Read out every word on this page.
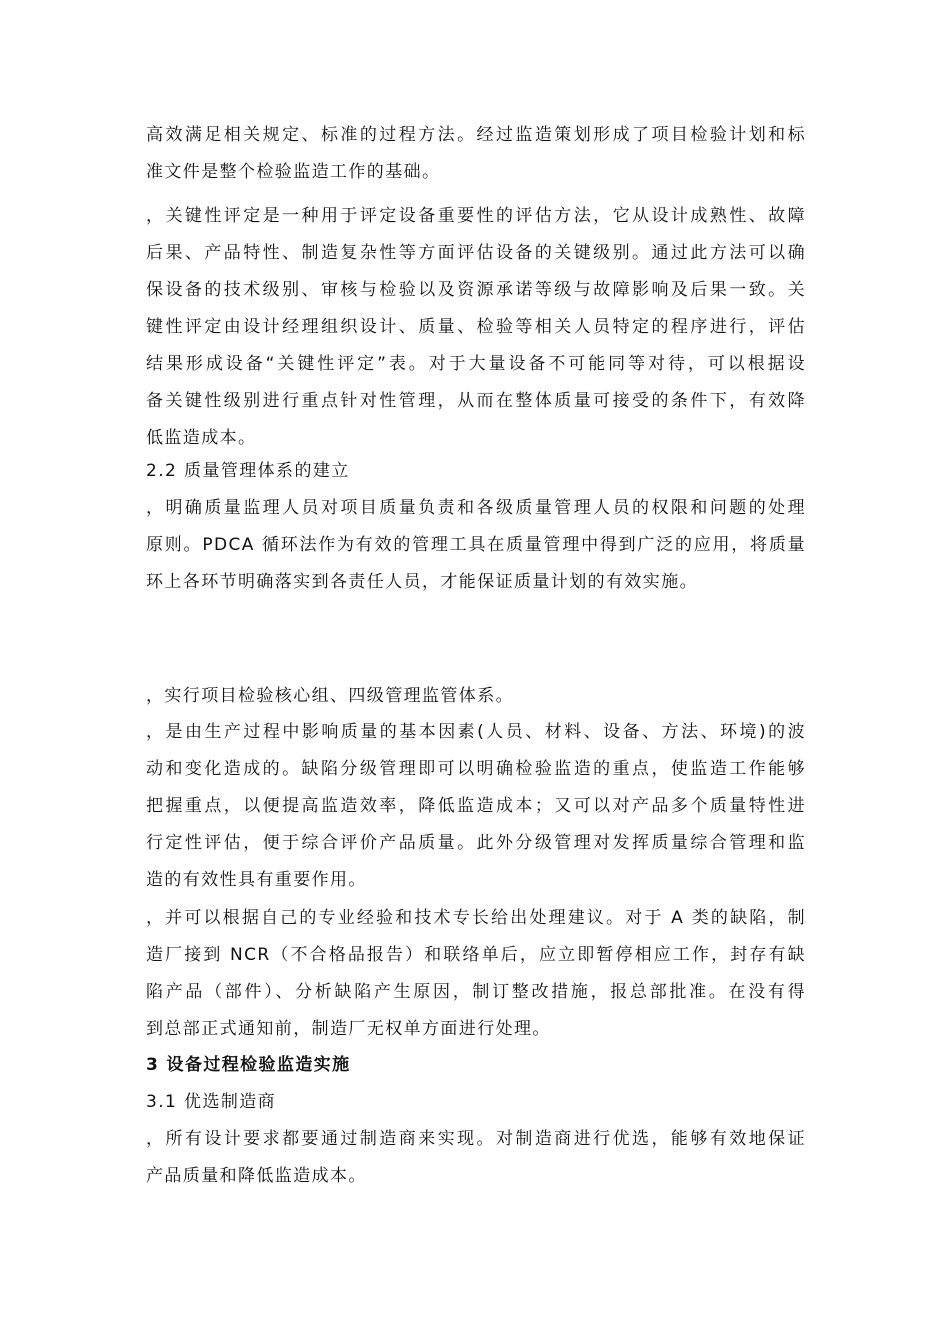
高效满足相关规定、标准的过程方法。经过监造策划形成了项目检验计划和标
准文件是整个检验监造工作的基础。
，关键性评定是一种用于评定设备重要性的评估方法，它从设计成熟性、故障
后果、产品特性、制造复杂性等方面评估设备的关键级别。通过此方法可以确
保设备的技术级别、审核与检验以及资源承诺等级与故障影响及后果一致。关
键性评定由设计经理组织设计、质量、检验等相关人员特定的程序进行，评估
结果形成设备“关键性评定”表。对于大量设备不可能同等对待，可以根据设
备关键性级别进行重点针对性管理，从而在整体质量可接受的条件下，有效降
低监造成本。
2.2 质量管理体系的建立
，明确质量监理人员对项目质量负责和各级质量管理人员的权限和问题的处理
原则。PDCA 循环法作为有效的管理工具在质量管理中得到广泛的应用，将质量
环上各环节明确落实到各责任人员，才能保证质量计划的有效实施。
，实行项目检验核心组、四级管理监管体系。
，是由生产过程中影响质量的基本因素(人员、材料、设备、方法、环境)的波
动和变化造成的。缺陷分级管理即可以明确检验监造的重点，使监造工作能够
把握重点，以便提高监造效率，降低监造成本；又可以对产品多个质量特性进
行定性评估，便于综合评价产品质量。此外分级管理对发挥质量综合管理和监
造的有效性具有重要作用。
，并可以根据自己的专业经验和技术专长给出处理建议。对于 A 类的缺陷，制
造厂接到 NCR（不合格品报告）和联络单后，应立即暂停相应工作，封存有缺
陷产品（部件）、分析缺陷产生原因，制订整改措施，报总部批准。在没有得
到总部正式通知前，制造厂无权单方面进行处理。
3 设备过程检验监造实施
3.1 优选制造商
，所有设计要求都要通过制造商来实现。对制造商进行优选，能够有效地保证
产品质量和降低监造成本。
